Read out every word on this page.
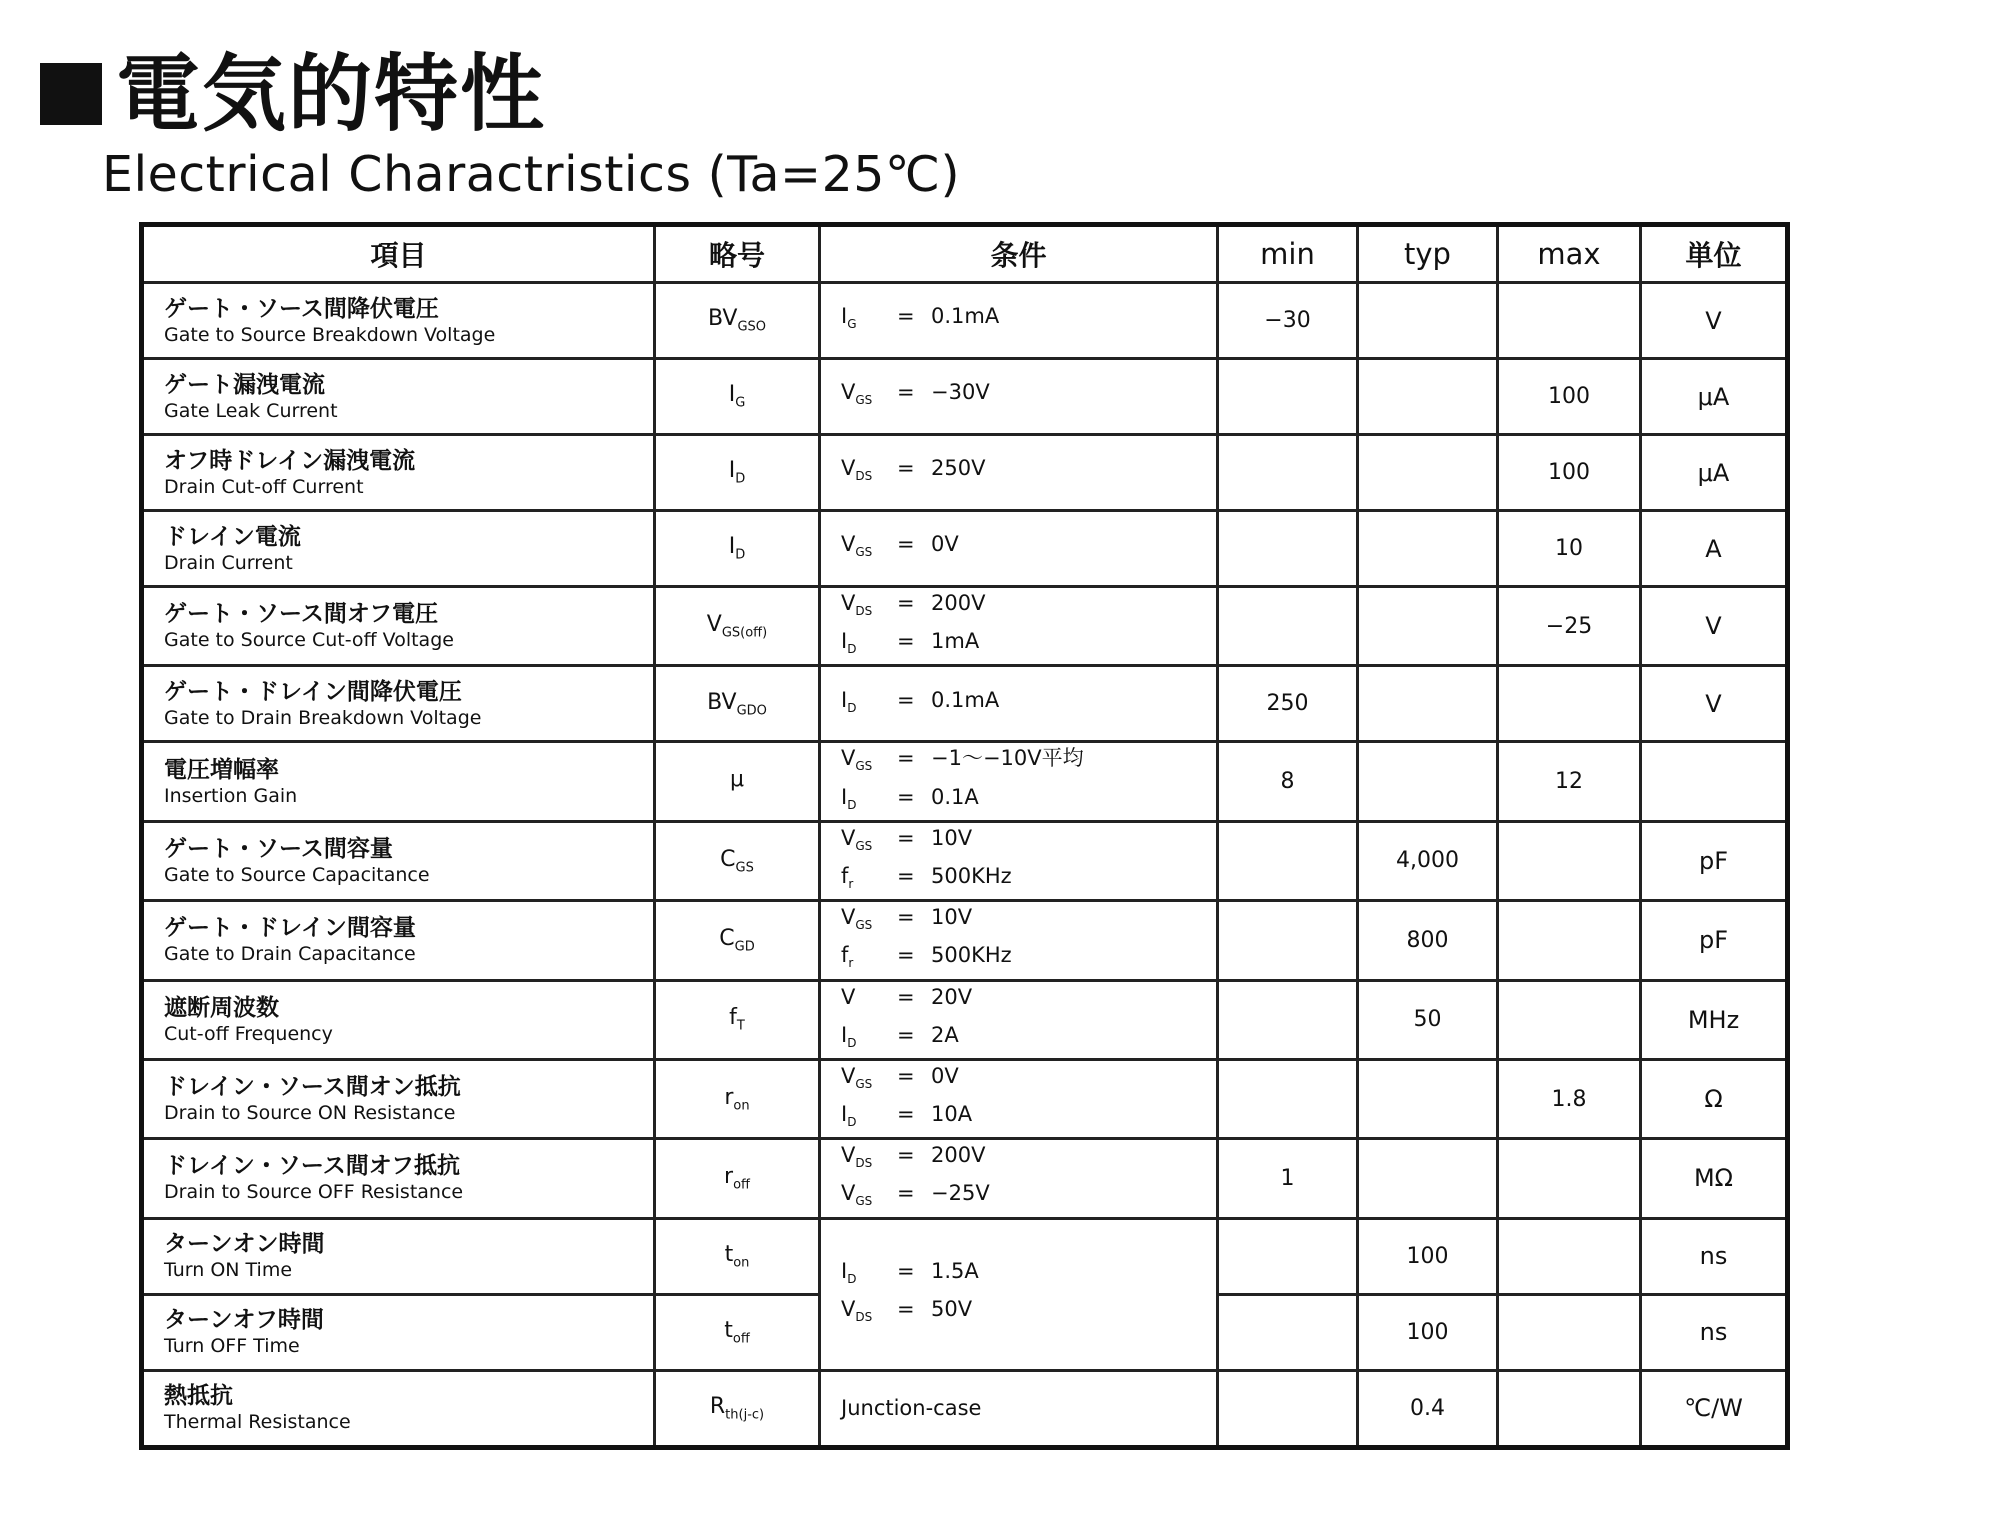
電気的特性
Electrical Charactristics (Ta=25℃)
項目	略号	条件	min	typ	max	単位

ゲート・ソース間降伏電圧
Gate to Source Breakdown Voltage	$BV_{GSO}$	$I_G = 0.1mA$	−30			V

ゲート漏洩電流
Gate Leak Current	$I_G$	$V_{GS} = -30V$			100	μA

オフ時ドレイン漏洩電流
Drain Cut-off Current	$I_D$	$V_{DS} = 250V$			100	μA

ドレイン電流
Drain Current	$I_D$	$V_{GS} = 0V$			10	A

ゲート・ソース間オフ電圧
Gate to Source Cut-off Voltage	$V_{GS(off)}$	$V_{DS} = 200V$
$I_D = 1mA$			−25	V

ゲート・ドレイン間降伏電圧
Gate to Drain Breakdown Voltage	$BV_{GDO}$	$I_D = 0.1mA$	250			V

電圧増幅率
Insertion Gain	μ	$V_{GS} = -1$〜−10V平均
$I_D = 0.1A$	8		12	

ゲート・ソース間容量
Gate to Source Capacitance	$C_{GS}$	$V_{GS} = 10V$
$f_r = 500KHz$		4,000		pF

ゲート・ドレイン間容量
Gate to Drain Capacitance	$C_{GD}$	$V_{GS} = 10V$
$f_r = 500KHz$		800		pF

遮断周波数
Cut-off Frequency	$f_T$	V = 20V
$I_D = 2A$		50		MHz

ドレイン・ソース間オン抵抗
Drain to Source ON Resistance	$r_{on}$	$V_{GS} = 0V$
$I_D = 10A$			1.8	Ω

ドレイン・ソース間オフ抵抗
Drain to Source OFF Resistance	$r_{off}$	$V_{DS} = 200V$
$V_{GS} = -25V$	1			MΩ

ターンオン時間
Turn ON Time	$t_{on}$	$I_D = 1.5A$
$V_{DS} = 50V$		100		ns

ターンオフ時間
Turn OFF Time	$t_{off}$			100		ns

熱抵抗
Thermal Resistance	$R_{th(j-c)}$	Junction-case		0.4		℃/W
